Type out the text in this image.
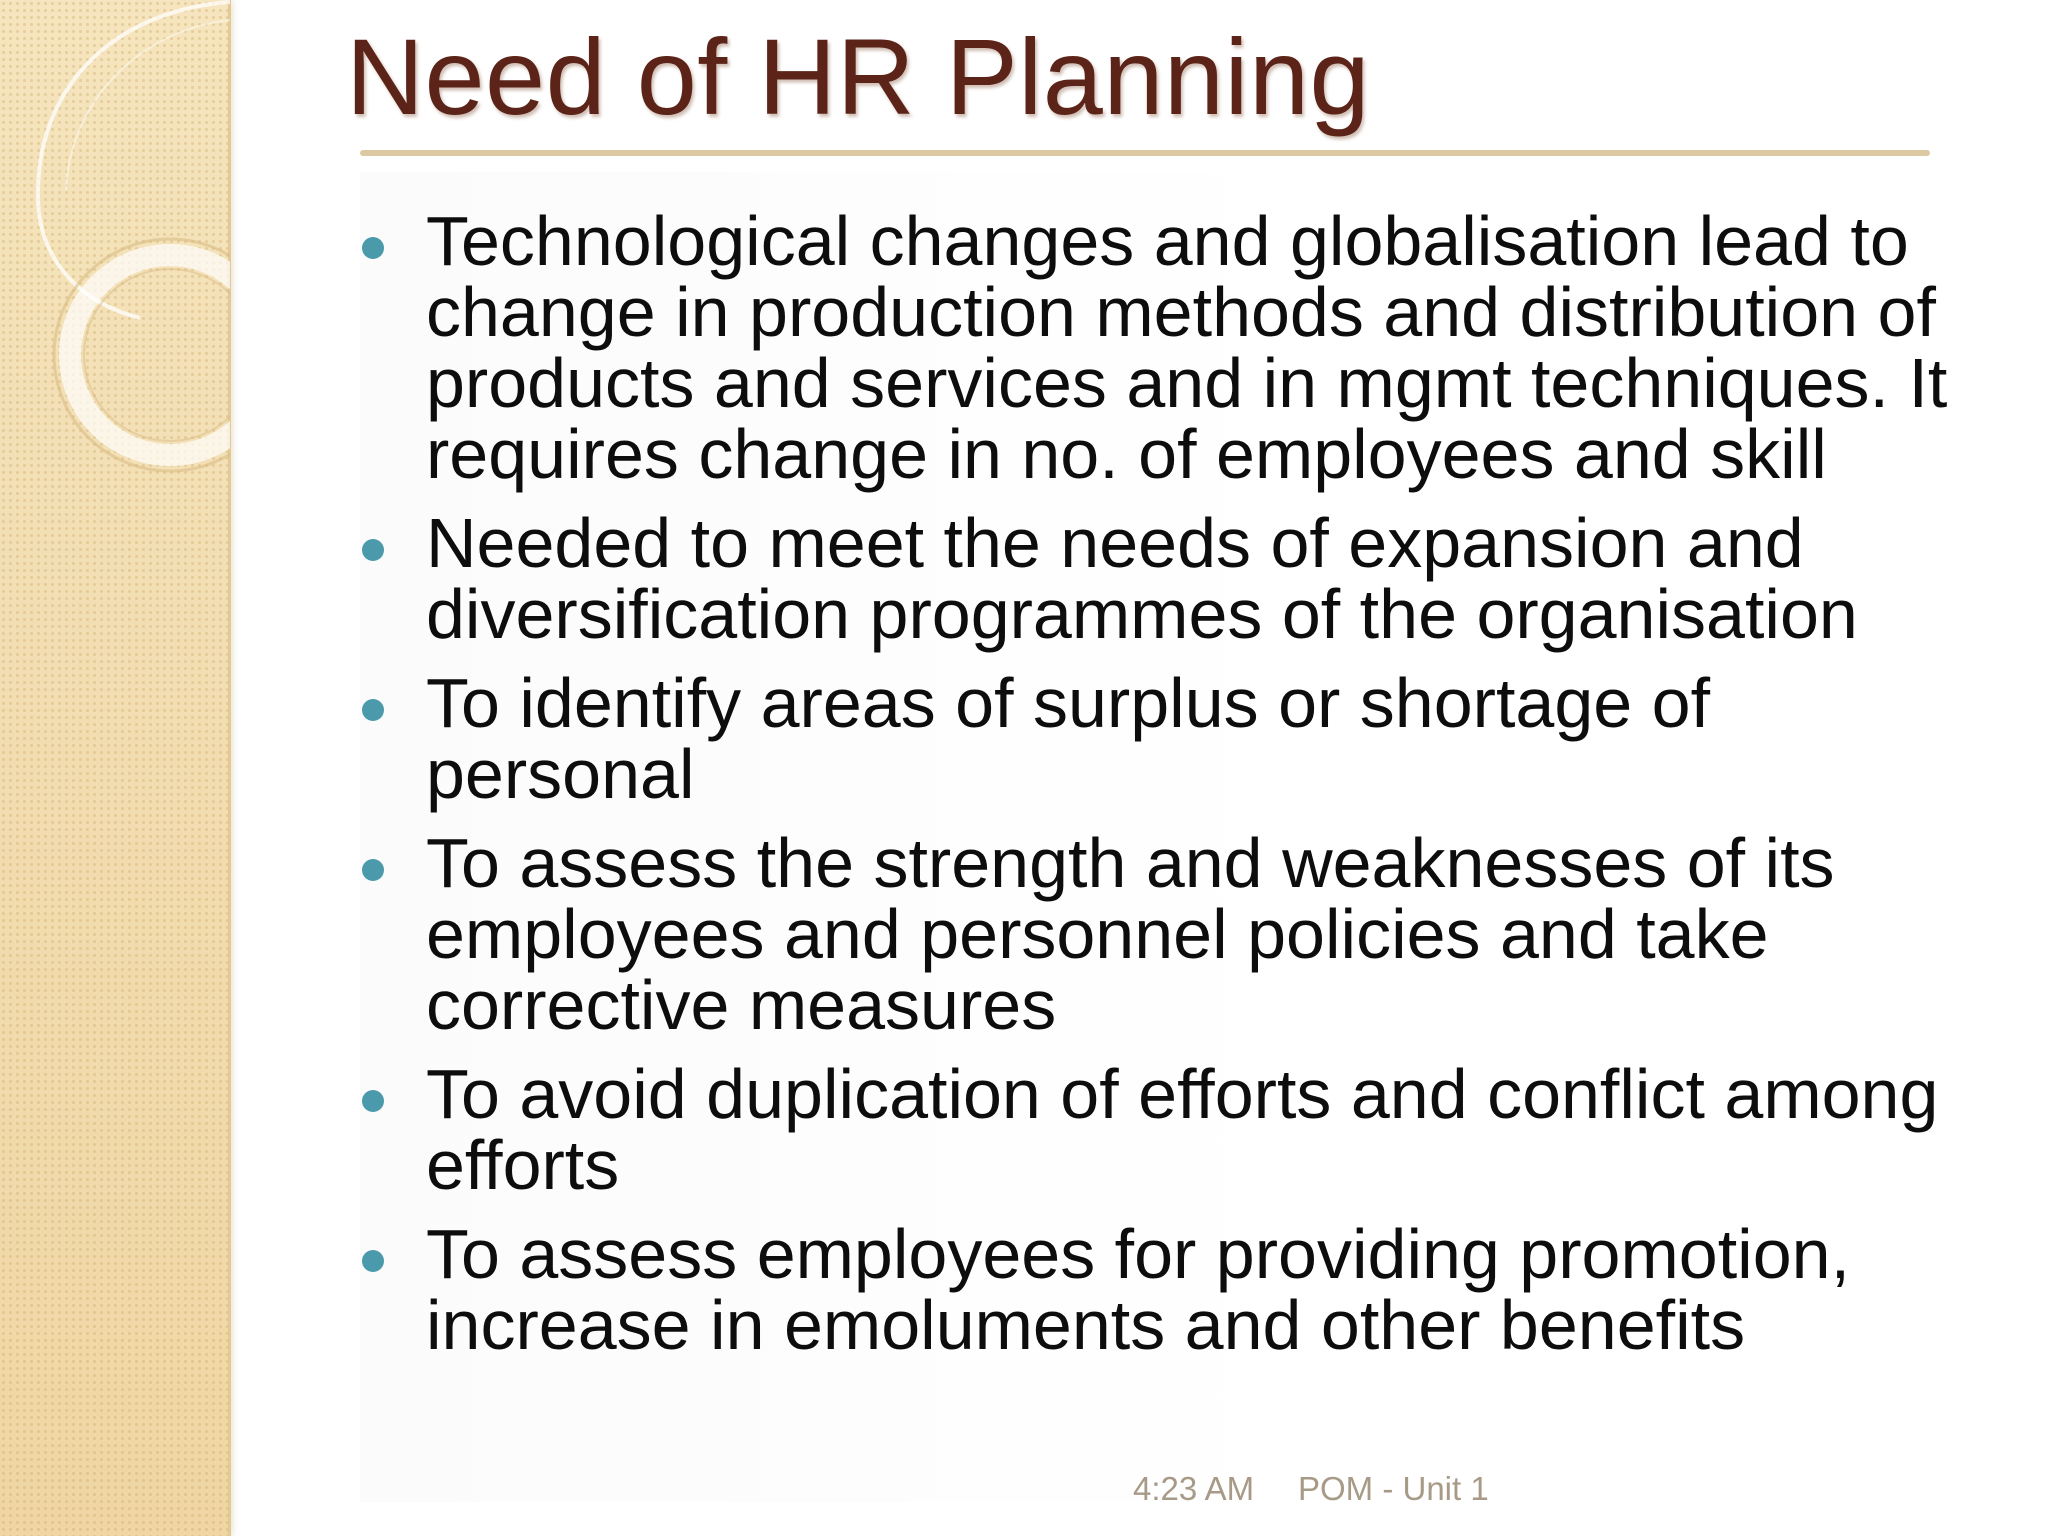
Need of HR Planning
Technological changes and globalisation lead to change in production methods and distribution of products and services and in mgmt techniques. It requires change in no. of employees and skill
Needed to meet the needs of expansion and diversification programmes of the organisation
To identify areas of surplus or shortage of personal
To assess the strength and weaknesses of its employees and personnel policies and take corrective measures
To avoid duplication of efforts and conflict among efforts
To assess employees for providing promotion, increase in emoluments and other benefits
4:23 AM POM - Unit 1
